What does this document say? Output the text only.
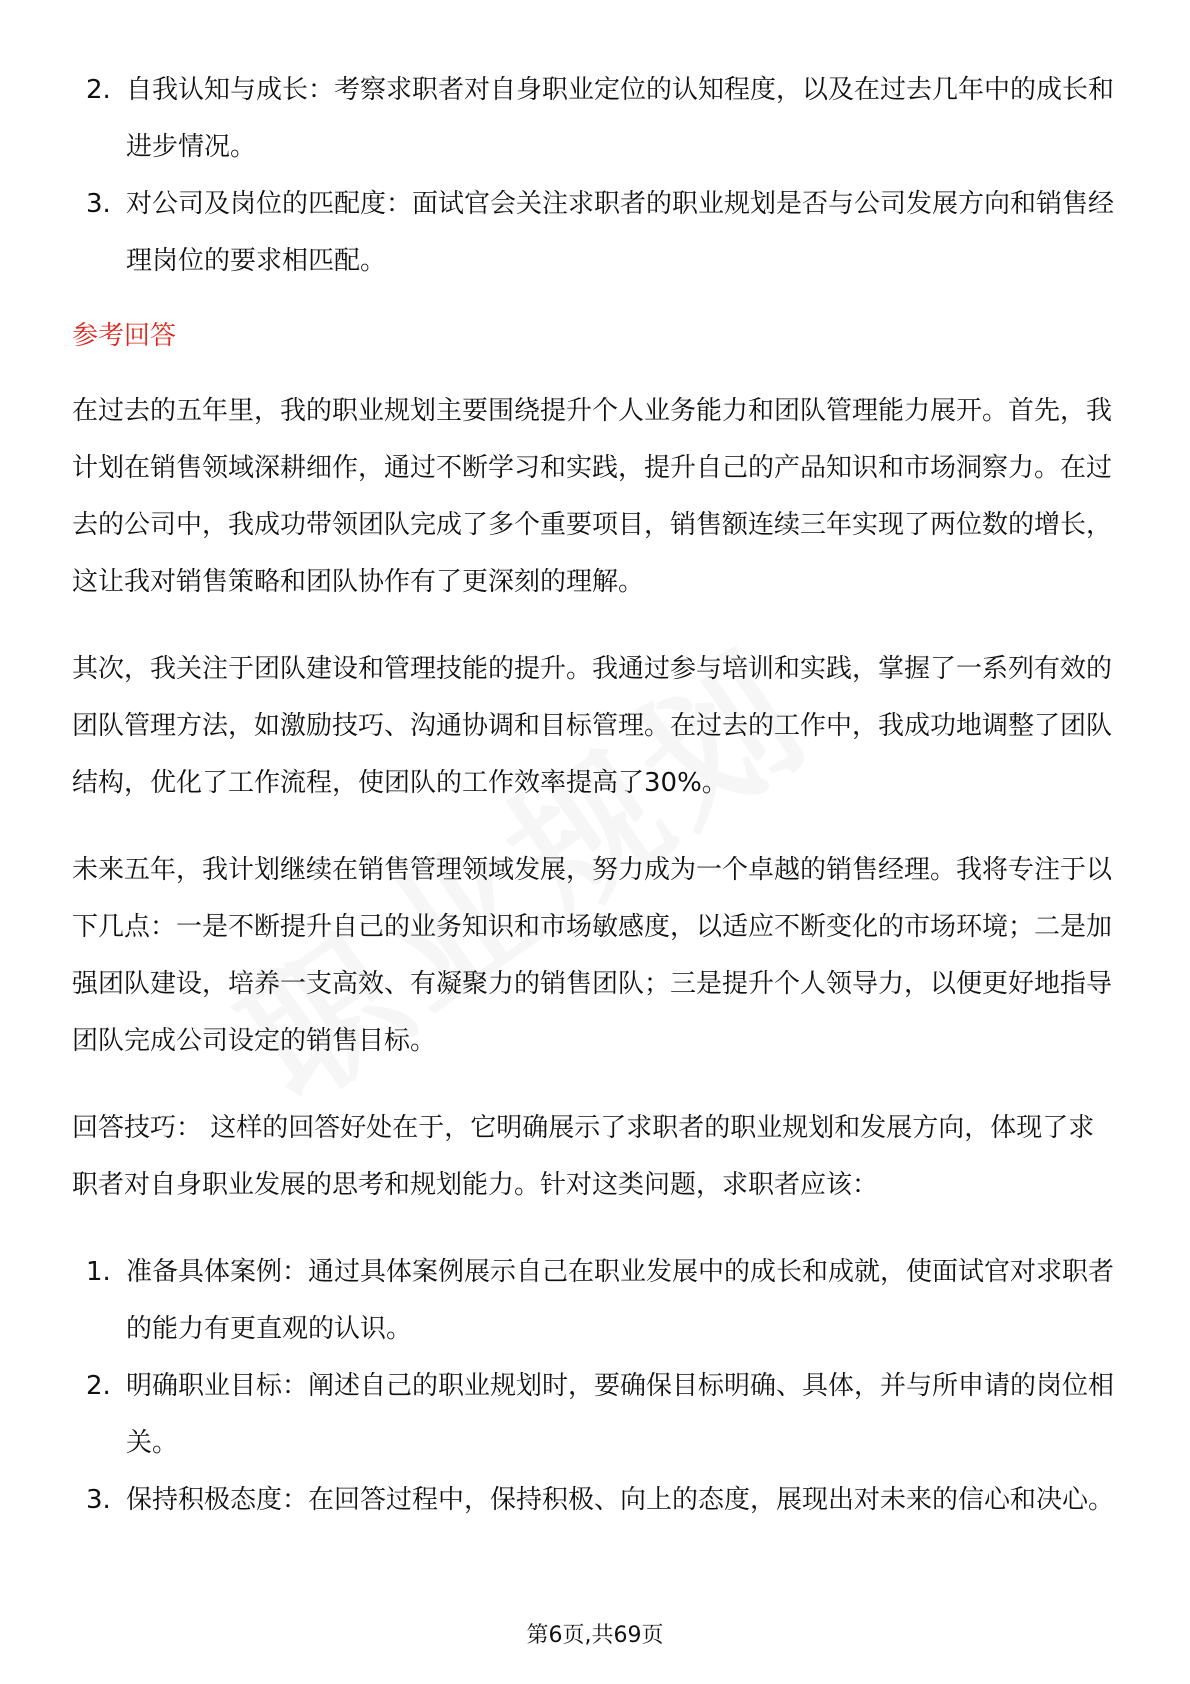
2. 自我认知与成长：考察求职者对自身职业定位的认知程度，以及在过去几年中的成长和进步情况。
3. 对公司及岗位的匹配度：面试官会关注求职者的职业规划是否与公司发展方向和销售经理岗位的要求相匹配。
参考回答

在过去的五年里，我的职业规划主要围绕提升个人业务能力和团队管理能力展开。首先，我计划在销售领域深耕细作，通过不断学习和实践，提升自己的产品知识和市场洞察力。在过去的公司中，我成功带领团队完成了多个重要项目，销售额连续三年实现了两位数的增长，这让我对销售策略和团队协作有了更深刻的理解。

其次，我关注于团队建设和管理技能的提升。我通过参与培训和实践，掌握了一系列有效的团队管理方法，如激励技巧、沟通协调和目标管理。在过去的工作中，我成功地调整了团队结构，优化了工作流程，使团队的工作效率提高了30%。

未来五年，我计划继续在销售管理领域发展，努力成为一个卓越的销售经理。我将专注于以下几点：一是不断提升自己的业务知识和市场敏感度，以适应不断变化的市场环境；二是加强团队建设，培养一支高效、有凝聚力的销售团队；三是提升个人领导力，以便更好地指导团队完成公司设定的销售目标。

回答技巧： 这样的回答好处在于，它明确展示了求职者的职业规划和发展方向，体现了求职者对自身职业发展的思考和规划能力。针对这类问题，求职者应该：

1. 准备具体案例：通过具体案例展示自己在职业发展中的成长和成就，使面试官对求职者的能力有更直观的认识。
2. 明确职业目标：阐述自己的职业规划时，要确保目标明确、具体，并与所申请的岗位相关。
3. 保持积极态度：在回答过程中，保持积极、向上的态度，展现出对未来的信心和决心。
第6页,共69页
